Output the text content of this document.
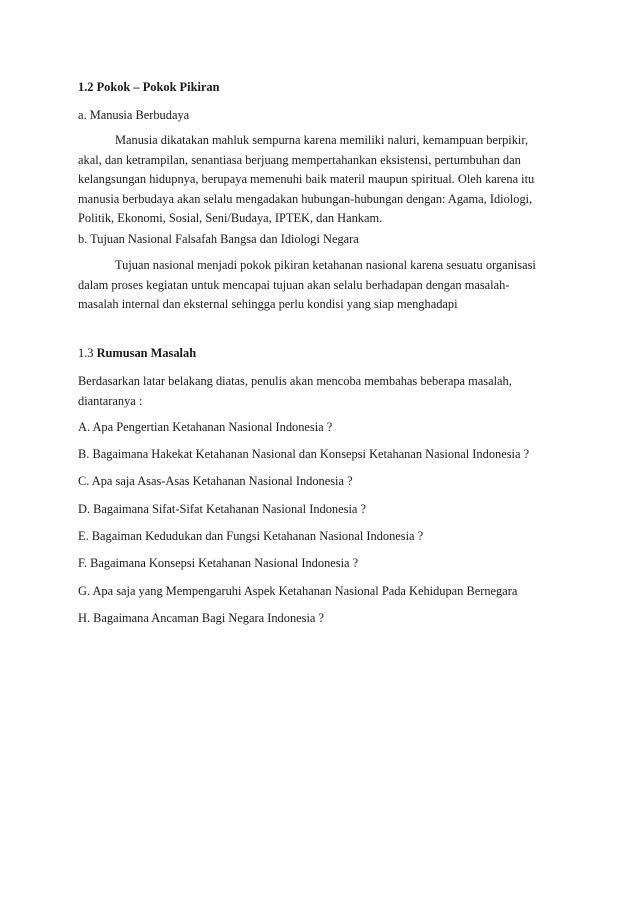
1.2 Pokok – Pokok Pikiran
a. Manusia Berbudaya
Manusia dikatakan mahluk sempurna karena memiliki naluri, kemampuan berpikir,
akal, dan ketrampilan, senantiasa berjuang mempertahankan eksistensi, pertumbuhan dan
kelangsungan hidupnya, berupaya memenuhi baik materil maupun spiritual. Oleh karena itu
manusia berbudaya akan selalu mengadakan hubungan-hubungan dengan: Agama, Idiologi,
Politik, Ekonomi, Sosial, Seni/Budaya, IPTEK, dan Hankam.
b. Tujuan Nasional Falsafah Bangsa dan Idiologi Negara
Tujuan nasional menjadi pokok pikiran ketahanan nasional karena sesuatu organisasi
dalam proses kegiatan untuk mencapai tujuan akan selalu berhadapan dengan masalah-
masalah internal dan eksternal sehingga perlu kondisi yang siap menghadapi
1.3 Rumusan Masalah
Berdasarkan latar belakang diatas, penulis akan mencoba membahas beberapa masalah,
diantaranya :
A. Apa Pengertian Ketahanan Nasional Indonesia ?
B. Bagaimana Hakekat Ketahanan Nasional dan Konsepsi Ketahanan Nasional Indonesia ?
C. Apa saja Asas-Asas Ketahanan Nasional Indonesia ?
D. Bagaimana Sifat-Sifat Ketahanan Nasional Indonesia ?
E. Bagaiman Kedudukan dan Fungsi Ketahanan Nasional Indonesia ?
F. Bagaimana Konsepsi Ketahanan Nasional Indonesia ?
G. Apa saja yang Mempengaruhi Aspek Ketahanan Nasional Pada Kehidupan Bernegara
H. Bagaimana Ancaman Bagi Negara Indonesia ?
